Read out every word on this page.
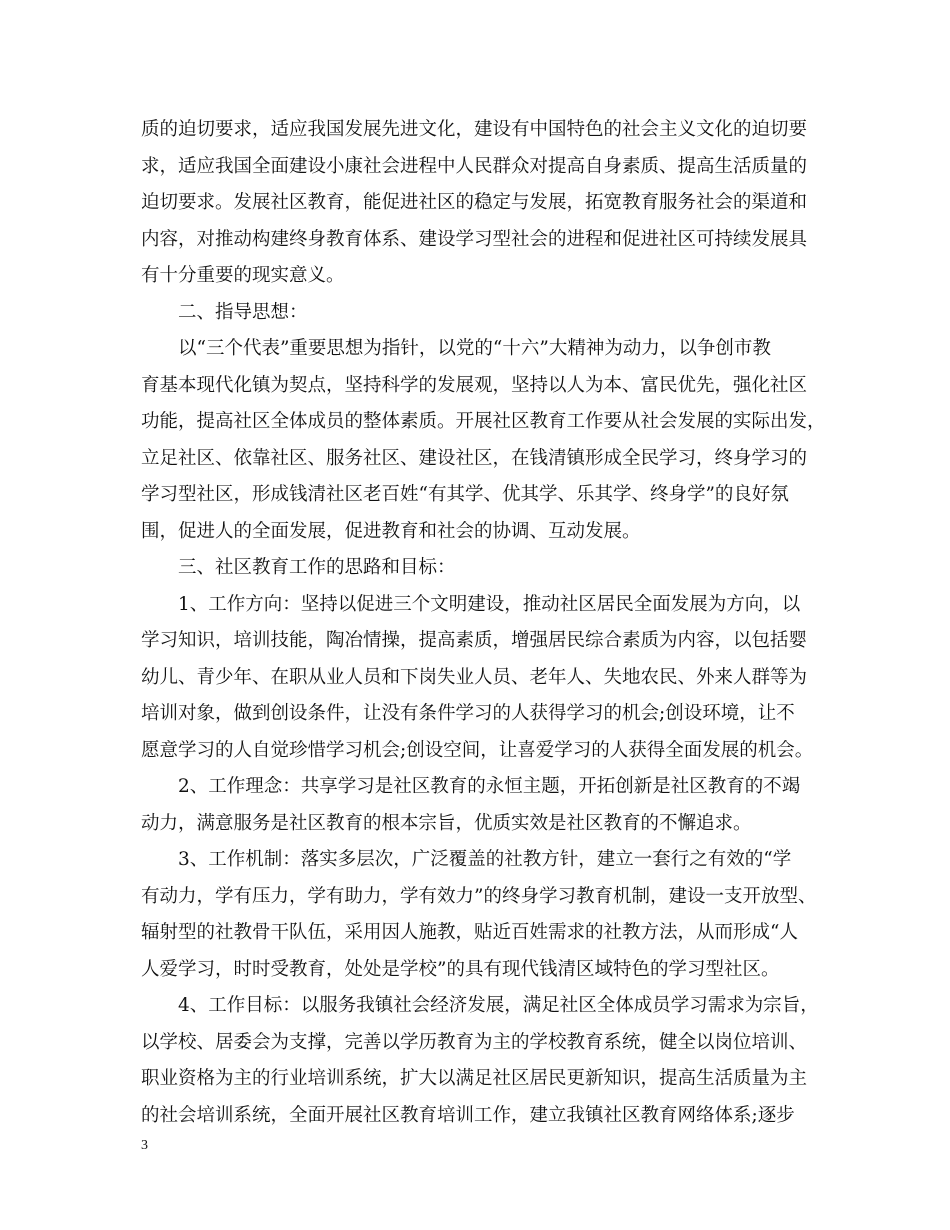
质的迫切要求，适应我国发展先进文化，建设有中国特色的社会主义文化的迫切要
求，适应我国全面建设小康社会进程中人民群众对提高自身素质、提高生活质量的
迫切要求。发展社区教育，能促进社区的稳定与发展，拓宽教育服务社会的渠道和
内容，对推动构建终身教育体系、建设学习型社会的进程和促进社区可持续发展具
有十分重要的现实意义。
二、指导思想：
以“三个代表”重要思想为指针，以党的“十六”大精神为动力，以争创市教
育基本现代化镇为契点，坚持科学的发展观，坚持以人为本、富民优先，强化社区
功能，提高社区全体成员的整体素质。开展社区教育工作要从社会发展的实际出发，
立足社区、依靠社区、服务社区、建设社区，在钱清镇形成全民学习，终身学习的
学习型社区，形成钱清社区老百姓“有其学、优其学、乐其学、终身学”的良好氛
围，促进人的全面发展，促进教育和社会的协调、互动发展。
三、社区教育工作的思路和目标：
1、工作方向：坚持以促进三个文明建设，推动社区居民全面发展为方向，以
学习知识，培训技能，陶冶情操，提高素质，增强居民综合素质为内容，以包括婴
幼儿、青少年、在职从业人员和下岗失业人员、老年人、失地农民、外来人群等为
培训对象，做到创设条件，让没有条件学习的人获得学习的机会;创设环境，让不
愿意学习的人自觉珍惜学习机会;创设空间，让喜爱学习的人获得全面发展的机会。
2、工作理念：共享学习是社区教育的永恒主题，开拓创新是社区教育的不竭
动力，满意服务是社区教育的根本宗旨，优质实效是社区教育的不懈追求。
3、工作机制：落实多层次，广泛覆盖的社教方针，建立一套行之有效的“学
有动力，学有压力，学有助力，学有效力”的终身学习教育机制，建设一支开放型、
辐射型的社教骨干队伍，采用因人施教，贴近百姓需求的社教方法，从而形成“人
人爱学习，时时受教育，处处是学校”的具有现代钱清区域特色的学习型社区。
4、工作目标：以服务我镇社会经济发展，满足社区全体成员学习需求为宗旨，
以学校、居委会为支撑，完善以学历教育为主的学校教育系统，健全以岗位培训、
职业资格为主的行业培训系统，扩大以满足社区居民更新知识，提高生活质量为主
的社会培训系统，全面开展社区教育培训工作，建立我镇社区教育网络体系;逐步
3
